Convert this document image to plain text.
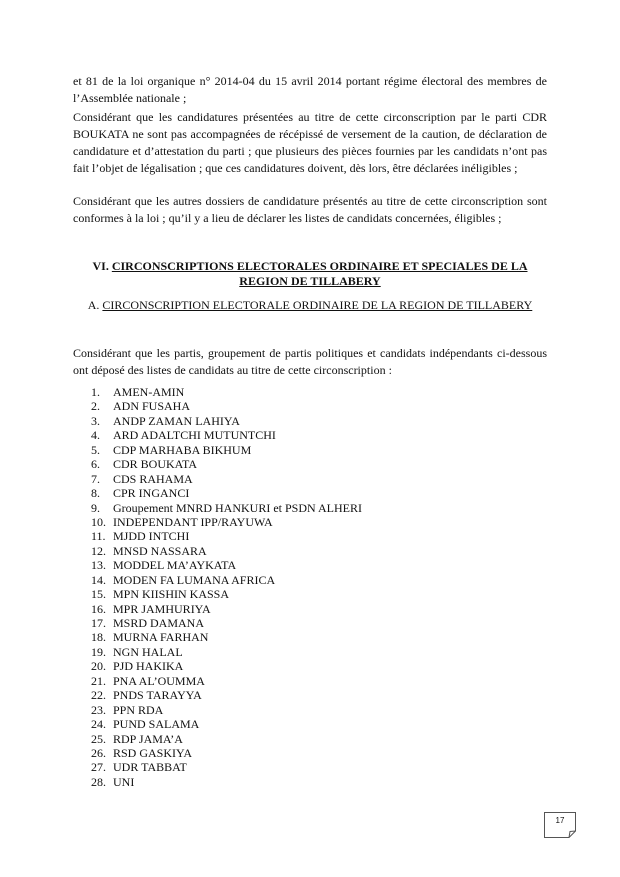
et 81 de la loi organique n° 2014-04 du 15 avril 2014 portant régime électoral des membres de l’Assemblée nationale ;

Considérant que les candidatures présentées au titre de cette circonscription par le parti CDR BOUKATA ne sont pas accompagnées de récépissé de versement de la caution, de déclaration de candidature et d’attestation du parti ; que plusieurs des pièces fournies par les candidats n’ont pas fait l’objet de légalisation ; que ces candidatures doivent, dès lors, être déclarées inéligibles ;

Considérant que les autres dossiers de candidature présentés au titre de cette circonscription sont conformes à la loi ; qu’il y a lieu de déclarer les listes de candidats concernées, éligibles ;

VI. CIRCONSCRIPTIONS ELECTORALES ORDINAIRE ET SPECIALES DE LA REGION DE TILLABERY

A. CIRCONSCRIPTION ELECTORALE ORDINAIRE DE LA REGION DE TILLABERY

Considérant que les partis, groupement de partis politiques et candidats indépendants ci-dessous ont déposé des listes de candidats au titre de cette circonscription :

1. AMEN-AMIN
2. ADN FUSAHA
3. ANDP ZAMAN LAHIYA
4. ARD ADALTCHI MUTUNTCHI
5. CDP MARHABA BIKHUM
6. CDR BOUKATA
7. CDS RAHAMA
8. CPR INGANCI
9. Groupement MNRD HANKURI et PSDN ALHERI
10. INDEPENDANT IPP/RAYUWA
11. MJDD INTCHI
12. MNSD NASSARA
13. MODDEL MA’AYKATA
14. MODEN FA LUMANA AFRICA
15. MPN KIISHIN KASSA
16. MPR JAMHURIYA
17. MSRD DAMANA
18. MURNA FARHAN
19. NGN HALAL
20. PJD HAKIKA
21. PNA AL’OUMMA
22. PNDS TARAYYA
23. PPN RDA
24. PUND SALAMA
25. RDP JAMA’A
26. RSD GASKIYA
27. UDR TABBAT
28. UNI
17
